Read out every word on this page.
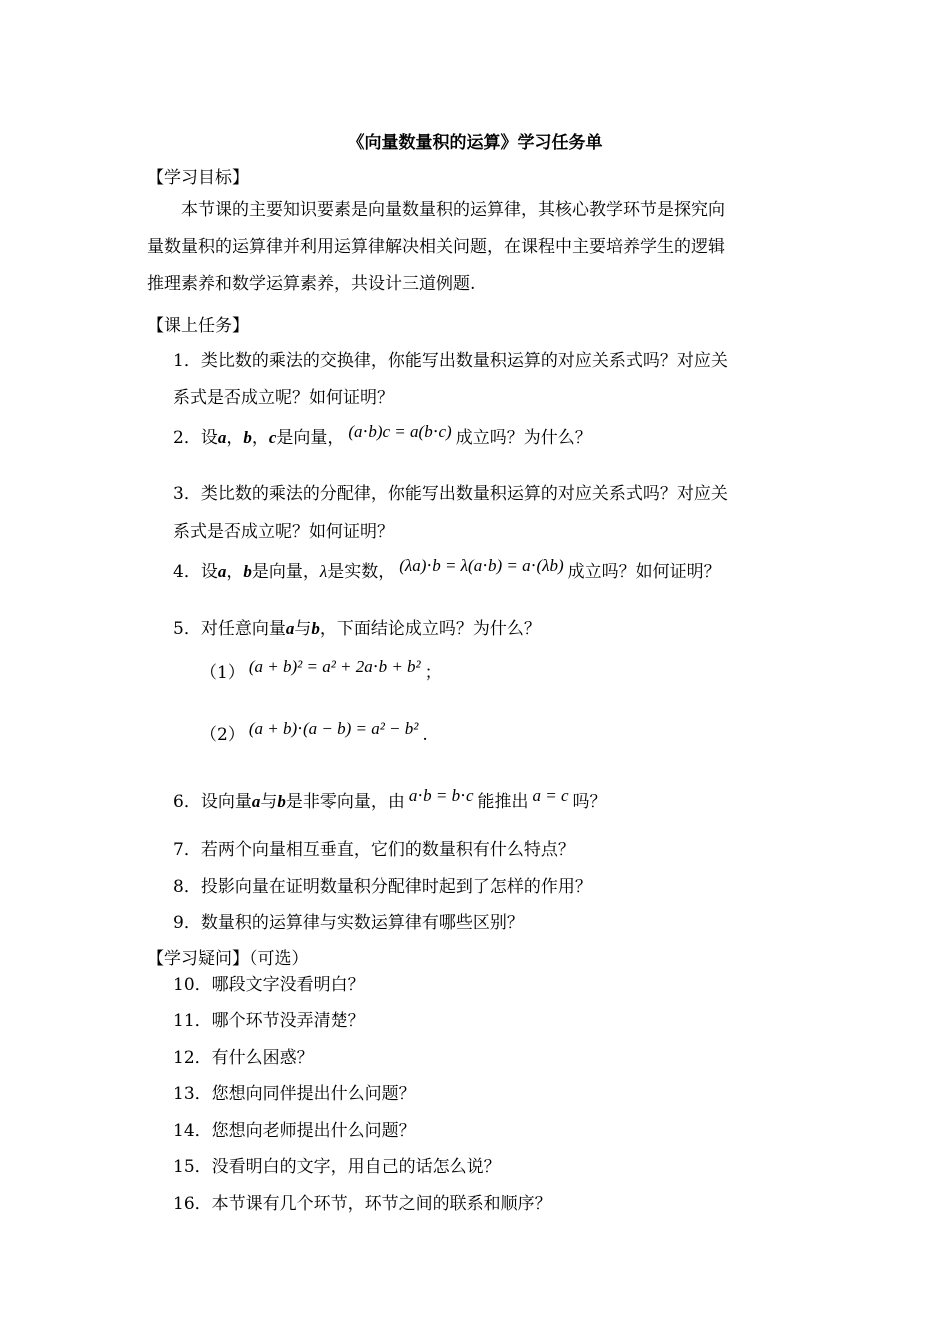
《向量数量积的运算》学习任务单
【学习目标】
本节课的主要知识要素是向量数量积的运算律，其核心教学环节是探究向
量数量积的运算律并利用运算律解决相关问题，在课程中主要培养学生的逻辑
推理素养和数学运算素养，共设计三道例题.
【课上任务】
1．类比数的乘法的交换律，你能写出数量积运算的对应关系式吗？对应关
系式是否成立呢？如何证明？
2．设a，b，c是向量， (a⋅b)c = a(b⋅c) 成立吗？为什么？
3．类比数的乘法的分配律，你能写出数量积运算的对应关系式吗？对应关
系式是否成立呢？如何证明？
4．设a，b是向量，λ是实数， (λa)⋅b = λ(a⋅b) = a⋅(λb) 成立吗？如何证明？
5．对任意向量a与b，下面结论成立吗？为什么？
（1） (a + b)² = a² + 2a⋅b + b² ；
（2） (a + b)⋅(a − b) = a² − b² .
6．设向量a与b是非零向量，由 a⋅b = b⋅c 能推出 a = c 吗？
7．若两个向量相互垂直，它们的数量积有什么特点？
8．投影向量在证明数量积分配律时起到了怎样的作用？
9．数量积的运算律与实数运算律有哪些区别？
【学习疑问】（可选）
10．哪段文字没看明白？
11．哪个环节没弄清楚？
12．有什么困惑？
13．您想向同伴提出什么问题？
14．您想向老师提出什么问题？
15．没看明白的文字，用自己的话怎么说？
16．本节课有几个环节，环节之间的联系和顺序？
